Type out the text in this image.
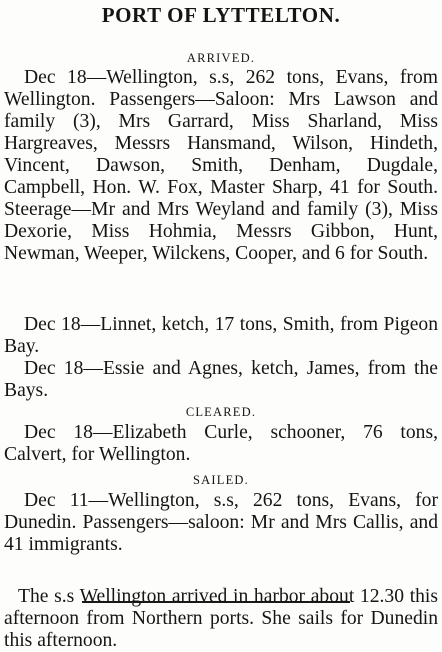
PORT OF LYTTELTON.
ARRIVED.

Dec 18—Wellington, s.s, 262 tons, Evans, from Wellington. Passengers—Saloon: Mrs Lawson and family (3), Mrs Garrard, Miss Sharland, Miss Hargreaves, Messrs Hansmand, Wilson, Hindeth, Vincent, Dawson, Smith, Denham, Dugdale, Campbell, Hon. W. Fox, Master Sharp, 41 for South. Steerage—Mr and Mrs Weyland and family (3), Miss Dexorie, Miss Hohmia, Messrs Gibbon, Hunt, Newman, Weeper, Wilckens, Cooper, and 6 for South.

Dec 18—Linnet, ketch, 17 tons, Smith, from Pigeon Bay.

Dec 18—Essie and Agnes, ketch, James, from the Bays.

CLEARED.

Dec 18—Elizabeth Curle, schooner, 76 tons, Calvert, for Wellington.

SAILED.

Dec 11—Wellington, s.s, 262 tons, Evans, for Dunedin. Passengers—saloon: Mr and Mrs Callis, and 41 immigrants.

The s.s Wellington arrived in harbor about 12.30 this afternoon from Northern ports. She sails for Dunedin this afternoon.
